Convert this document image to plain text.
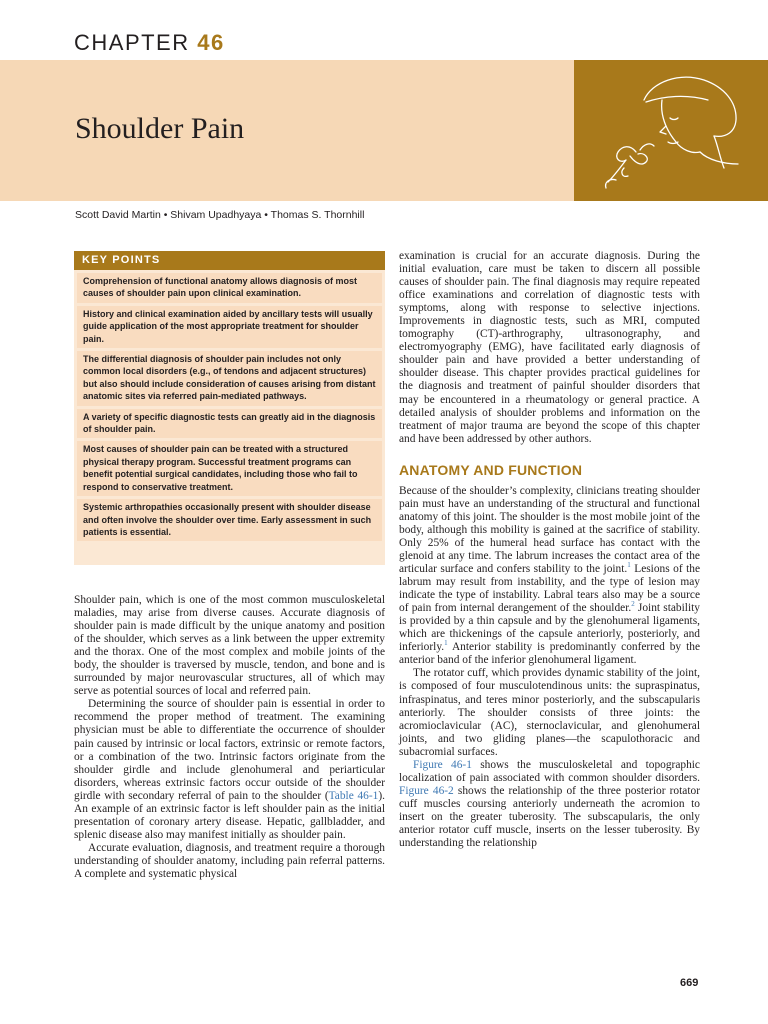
CHAPTER 46
Shoulder Pain
Scott David Martin • Shivam Upadhyaya • Thomas S. Thornhill
KEY POINTS
Comprehension of functional anatomy allows diagnosis of most causes of shoulder pain upon clinical examination.
History and clinical examination aided by ancillary tests will usually guide application of the most appropriate treatment for shoulder pain.
The differential diagnosis of shoulder pain includes not only common local disorders (e.g., of tendons and adjacent structures) but also should include consideration of causes arising from distant anatomic sites via referred pain-mediated pathways.
A variety of specific diagnostic tests can greatly aid in the diagnosis of shoulder pain.
Most causes of shoulder pain can be treated with a structured physical therapy program. Successful treatment programs can benefit potential surgical candidates, including those who fail to respond to conservative treatment.
Systemic arthropathies occasionally present with shoulder disease and often involve the shoulder over time. Early assessment in such patients is essential.

Shoulder pain, which is one of the most common musculoskeletal maladies, may arise from diverse causes. Accurate diagnosis of shoulder pain is made difficult by the unique anatomy and position of the shoulder, which serves as a link between the upper extremity and the thorax. One of the most complex and mobile joints of the body, the shoulder is traversed by muscle, tendon, and bone and is surrounded by major neurovascular structures, all of which may serve as potential sources of local and referred pain.

Determining the source of shoulder pain is essential in order to recommend the proper method of treatment. The examining physician must be able to differentiate the occurrence of shoulder pain caused by intrinsic or local factors, extrinsic or remote factors, or a combination of the two. Intrinsic factors originate from the shoulder girdle and include glenohumeral and periarticular disorders, whereas extrinsic factors occur outside of the shoulder girdle with secondary referral of pain to the shoulder (Table 46-1). An example of an extrinsic factor is left shoulder pain as the initial presentation of coronary artery disease. Hepatic, gallbladder, and splenic disease also may manifest initially as shoulder pain.

Accurate evaluation, diagnosis, and treatment require a thorough understanding of shoulder anatomy, including pain referral patterns. A complete and systematic physical

examination is crucial for an accurate diagnosis. During the initial evaluation, care must be taken to discern all possible causes of shoulder pain. The final diagnosis may require repeated office examinations and correlation of diagnostic tests with symptoms, along with response to selective injections. Improvements in diagnostic tests, such as MRI, computed tomography (CT)-arthrography, ultrasonography, and electromyography (EMG), have facilitated early diagnosis of shoulder pain and have provided a better understanding of shoulder disease. This chapter provides practical guidelines for the diagnosis and treatment of painful shoulder disorders that may be encountered in a rheumatology or general practice. A detailed analysis of shoulder problems and information on the treatment of major trauma are beyond the scope of this chapter and have been addressed by other authors.

ANATOMY AND FUNCTION

Because of the shoulder’s complexity, clinicians treating shoulder pain must have an understanding of the structural and functional anatomy of this joint. The shoulder is the most mobile joint of the body, although this mobility is gained at the sacrifice of stability. Only 25% of the humeral head surface has contact with the glenoid at any time. The labrum increases the contact area of the articular surface and confers stability to the joint.$^1$ Lesions of the labrum may result from instability, and the type of lesion may indicate the type of instability. Labral tears also may be a source of pain from internal derangement of the shoulder.$^2$ Joint stability is provided by a thin capsule and by the glenohumeral ligaments, which are thickenings of the capsule anteriorly, posteriorly, and inferiorly.$^1$ Anterior stability is predominantly conferred by the anterior band of the inferior glenohumeral ligament.

The rotator cuff, which provides dynamic stability of the joint, is composed of four musculotendinous units: the supraspinatus, infraspinatus, and teres minor posteriorly, and the subscapularis anteriorly. The shoulder consists of three joints: the acromioclavicular (AC), sternoclavicular, and glenohumeral joints, and two gliding planes—the scapulothoracic and subacromial surfaces.

Figure 46-1 shows the musculoskeletal and topographic localization of pain associated with common shoulder disorders. Figure 46-2 shows the relationship of the three posterior rotator cuff muscles coursing anteriorly underneath the acromion to insert on the greater tuberosity. The subscapularis, the only anterior rotator cuff muscle, inserts on the lesser tuberosity. By understanding the relationship

669
